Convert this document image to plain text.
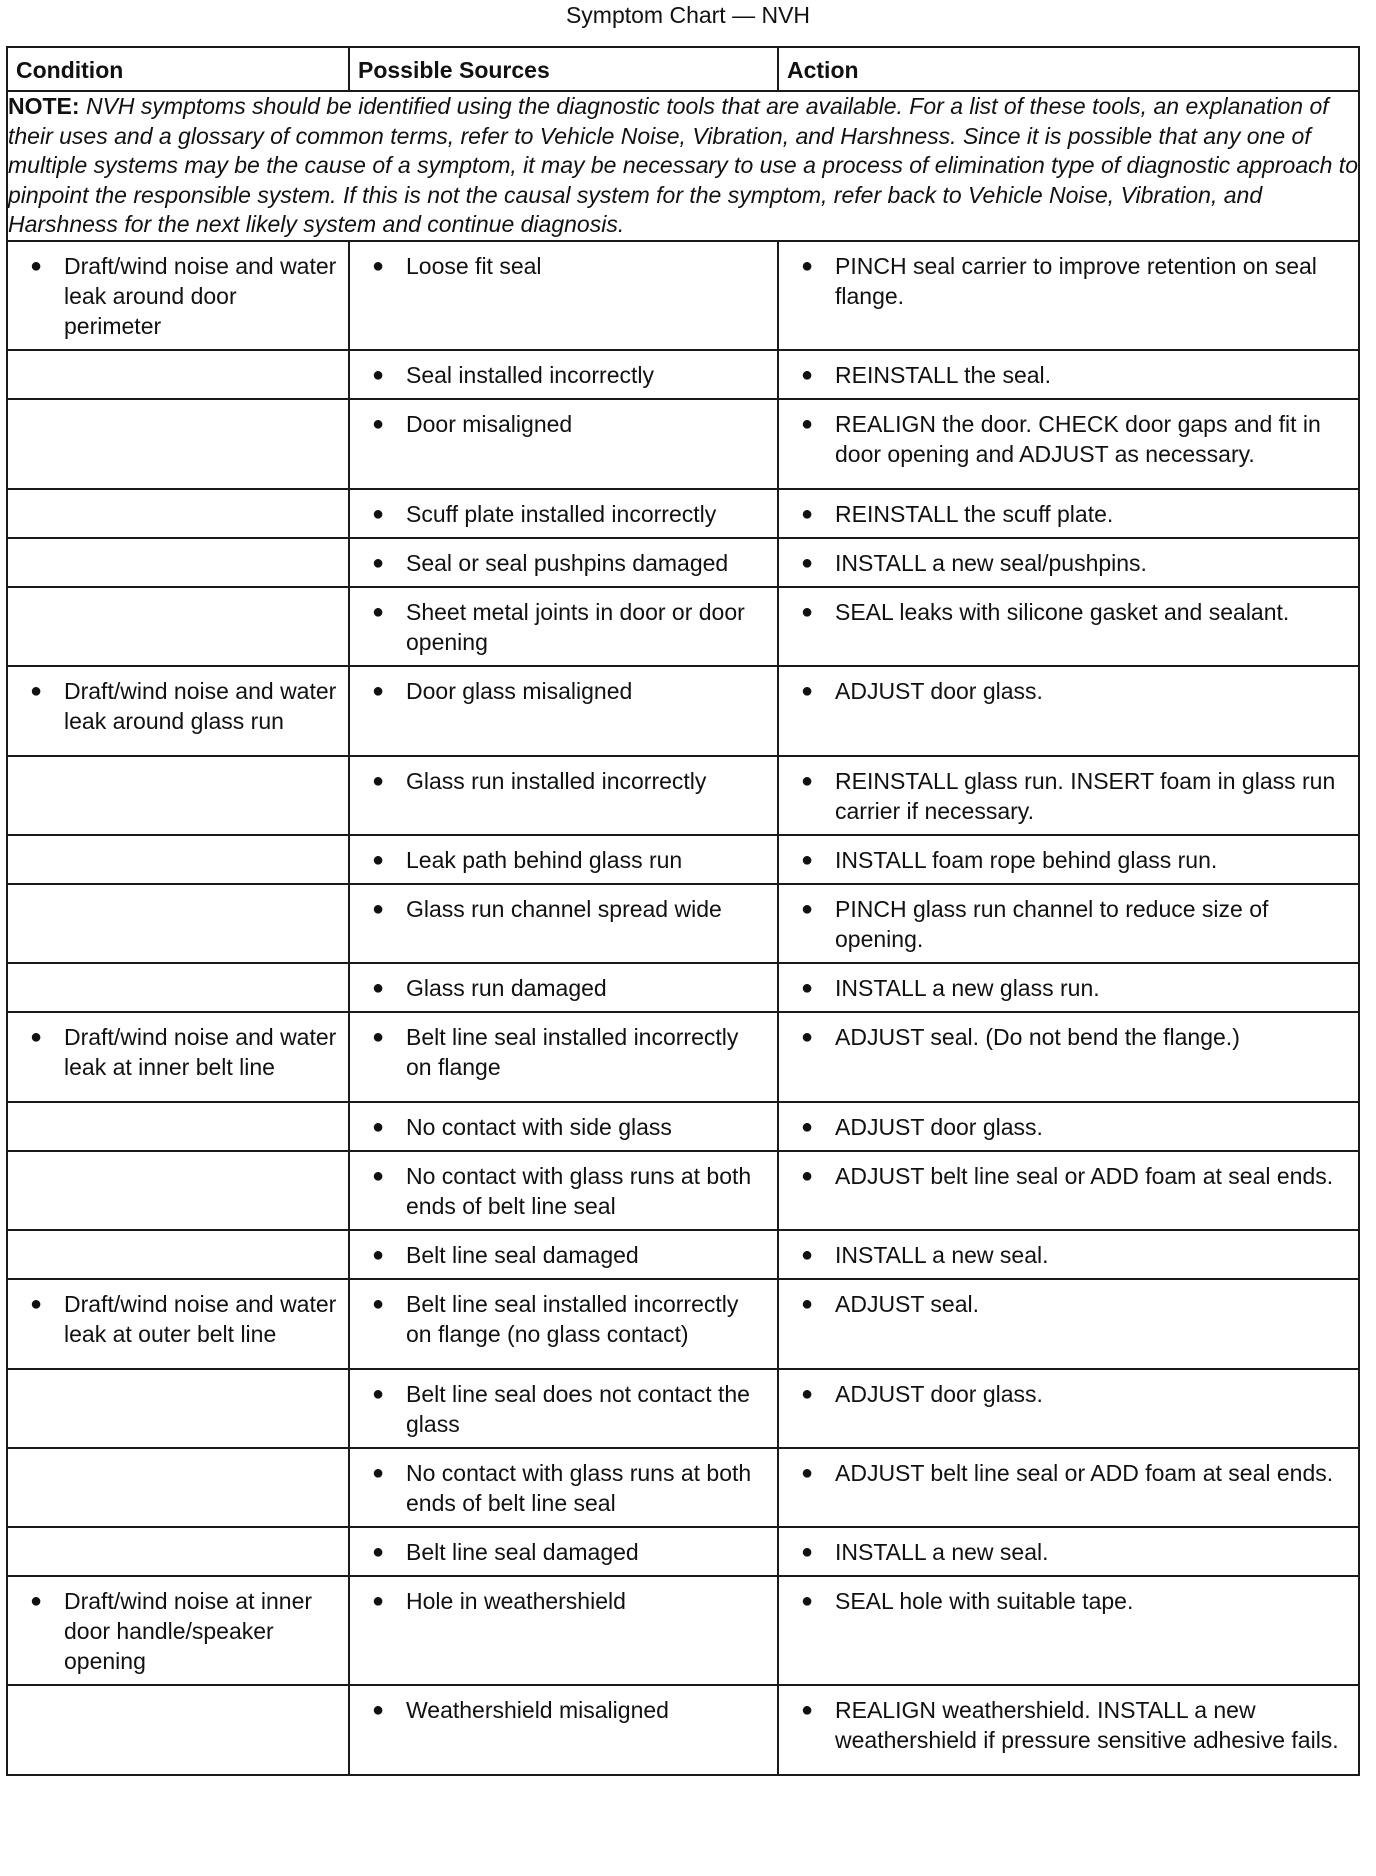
Symptom Chart — NVH
Condition	Possible Sources	Action
NOTE: NVH symptoms should be identified using the diagnostic tools that are available. For a list of these tools, an explanation of their uses and a glossary of common terms, refer to Vehicle Noise, Vibration, and Harshness. Since it is possible that any one of multiple systems may be the cause of a symptom, it may be necessary to use a process of elimination type of diagnostic approach to pinpoint the responsible system. If this is not the causal system for the symptom, refer back to Vehicle Noise, Vibration, and Harshness for the next likely system and continue diagnosis.		

● Draft/wind noise and water leak around door perimeter	● Loose fit seal	● PINCH seal carrier to improve retention on seal flange.

	● Seal installed incorrectly	● REINSTALL the seal.

	● Door misaligned	● REALIGN the door. CHECK door gaps and fit in door opening and ADJUST as necessary.

	● Scuff plate installed incorrectly	● REINSTALL the scuff plate.

	● Seal or seal pushpins damaged	● INSTALL a new seal/pushpins.

	● Sheet metal joints in door or door opening	● SEAL leaks with silicone gasket and sealant.

● Draft/wind noise and water leak around glass run	● Door glass misaligned	● ADJUST door glass.

	● Glass run installed incorrectly	● REINSTALL glass run. INSERT foam in glass run carrier if necessary.

	● Leak path behind glass run	● INSTALL foam rope behind glass run.

	● Glass run channel spread wide	● PINCH glass run channel to reduce size of opening.

	● Glass run damaged	● INSTALL a new glass run.

● Draft/wind noise and water leak at inner belt line	● Belt line seal installed incorrectly on flange	● ADJUST seal. (Do not bend the flange.)

	● No contact with side glass	● ADJUST door glass.

	● No contact with glass runs at both ends of belt line seal	● ADJUST belt line seal or ADD foam at seal ends.

	● Belt line seal damaged	● INSTALL a new seal.

● Draft/wind noise and water leak at outer belt line	● Belt line seal installed incorrectly on flange (no glass contact)	● ADJUST seal.

	● Belt line seal does not contact the glass	● ADJUST door glass.

	● No contact with glass runs at both ends of belt line seal	● ADJUST belt line seal or ADD foam at seal ends.

	● Belt line seal damaged	● INSTALL a new seal.

● Draft/wind noise at inner door handle/speaker opening	● Hole in weathershield	● SEAL hole with suitable tape.

	● Weathershield misaligned	● REALIGN weathershield. INSTALL a new weathershield if pressure sensitive adhesive fails.
